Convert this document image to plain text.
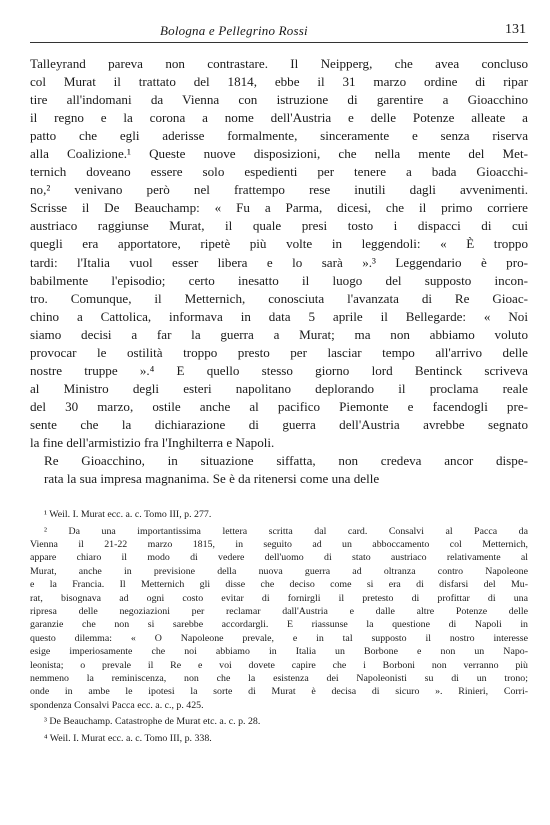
Bologna e Pellegrino Rossi	131

Talleyrand pareva non contrastare. Il Neipperg, che avea concluso
col Murat il trattato del 1814, ebbe il 31 marzo ordine di ripar
tire all'indomani da Vienna con istruzione di garentire a Gioacchino
il regno e la corona a nome dell'Austria e delle Potenze alleate a
patto che egli aderisse formalmente, sinceramente e senza riserva
alla Coalizione.¹ Queste nuove disposizioni, che nella mente del Met-
ternich doveano essere solo espedienti per tenere a bada Gioacchi-
no,² venivano però nel frattempo rese inutili dagli avvenimenti.
Scrisse il De Beauchamp: « Fu a Parma, dicesi, che il primo corriere
austriaco raggiunse Murat, il quale presi tosto i dispacci di cui
quegli era apportatore, ripetè più volte in leggendoli: « È troppo
tardi: l'Italia vuol esser libera e lo sarà ».³ Leggendario è pro-
babilmente l'episodio; certo inesatto il luogo del supposto incon-
tro. Comunque, il Metternich, conosciuta l'avanzata di Re Gioac-
chino a Cattolica, informava in data 5 aprile il Bellegarde: « Noi
siamo decisi a far la guerra a Murat; ma non abbiamo voluto
provocar le ostilità troppo presto per lasciar tempo all'arrivo delle
nostre truppe ».⁴ E quello stesso giorno lord Bentinck scriveva
al Ministro degli esteri napolitano deplorando il proclama reale
del 30 marzo, ostile anche al pacifico Piemonte e facendogli pre-
sente che la dichiarazione di guerra dell'Austria avrebbe segnato
la fine dell'armistizio fra l'Inghilterra e Napoli.

Re Gioacchino, in situazione siffatta, non credeva ancor dispe-
rata la sua impresa magnanima. Se è da ritenersi come una delle

¹ Weil. I. Murat ecc. a. c. Tomo III, p. 277.
² Da una importantissima lettera scritta dal card. Consalvi al Pacca da
Vienna il 21-22 marzo 1815, in seguito ad un abboccamento col Metternich,
appare chiaro il modo di vedere dell'uomo di stato austriaco relativamente al
Murat, anche in previsione della nuova guerra ad oltranza contro Napoleone
e la Francia. Il Metternich gli disse che deciso come si era di disfarsi del Mu-
rat, bisognava ad ogni costo evitar di fornirgli il pretesto di profittar di una
ripresa delle negoziazioni per reclamar dall'Austria e dalle altre Potenze delle
garanzie che non si sarebbe accordargli. E riassunse la questione di Napoli in
questo dilemma: « O Napoleone prevale, e in tal supposto il nostro interesse
esige imperiosamente che noi abbiamo in Italia un Borbone e non un Napo-
leonista; o prevale il Re e voi dovete capire che i Borboni non verranno più
nemmeno la reminiscenza, non che la esistenza dei Napoleonisti su di un trono;
onde in ambe le ipotesi la sorte di Murat è decisa di sicuro ». Rinieri, Corri-
spondenza Consalvi Pacca ecc. a. c., p. 425.
³ De Beauchamp. Catastrophe de Murat etc. a. c. p. 28.
⁴ Weil. I. Murat ecc. a. c. Tomo III, p. 338.
